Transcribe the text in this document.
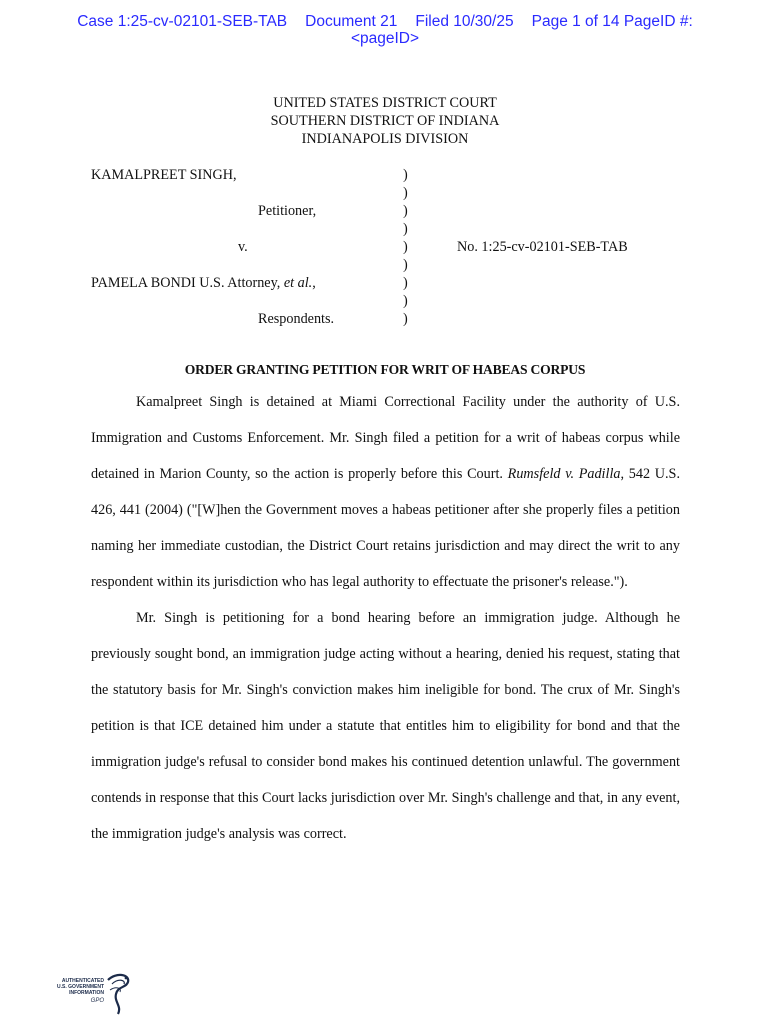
Case 1:25-cv-02101-SEB-TAB Document 21 Filed 10/30/25 Page 1 of 14 PageID #:
<pageID>
UNITED STATES DISTRICT COURT
SOUTHERN DISTRICT OF INDIANA
INDIANAPOLIS DIVISION
KAMALPREET SINGH,
Petitioner,
v.
PAMELA BONDI U.S. Attorney, et al.,
Respondents.
No. 1:25-cv-02101-SEB-TAB
)
)
)
)
)
)
)
)
)
ORDER GRANTING PETITION FOR WRIT OF HABEAS CORPUS

Kamalpreet Singh is detained at Miami Correctional Facility under the authority of U.S. Immigration and Customs Enforcement. Mr. Singh filed a petition for a writ of habeas corpus while detained in Marion County, so the action is properly before this Court. Rumsfeld v. Padilla, 542 U.S. 426, 441 (2004) ("[W]hen the Government moves a habeas petitioner after she properly files a petition naming her immediate custodian, the District Court retains jurisdiction and may direct the writ to any respondent within its jurisdiction who has legal authority to effectuate the prisoner's release.").

Mr. Singh is petitioning for a bond hearing before an immigration judge. Although he previously sought bond, an immigration judge acting without a hearing, denied his request, stating that the statutory basis for Mr. Singh's conviction makes him ineligible for bond. The crux of Mr. Singh's petition is that ICE detained him under a statute that entitles him to eligibility for bond and that the immigration judge's refusal to consider bond makes his continued detention unlawful. The government contends in response that this Court lacks jurisdiction over Mr. Singh's challenge and that, in any event, the immigration judge's analysis was correct.

AUTHENTICATED
U.S. GOVERNMENT
INFORMATION
GPO
